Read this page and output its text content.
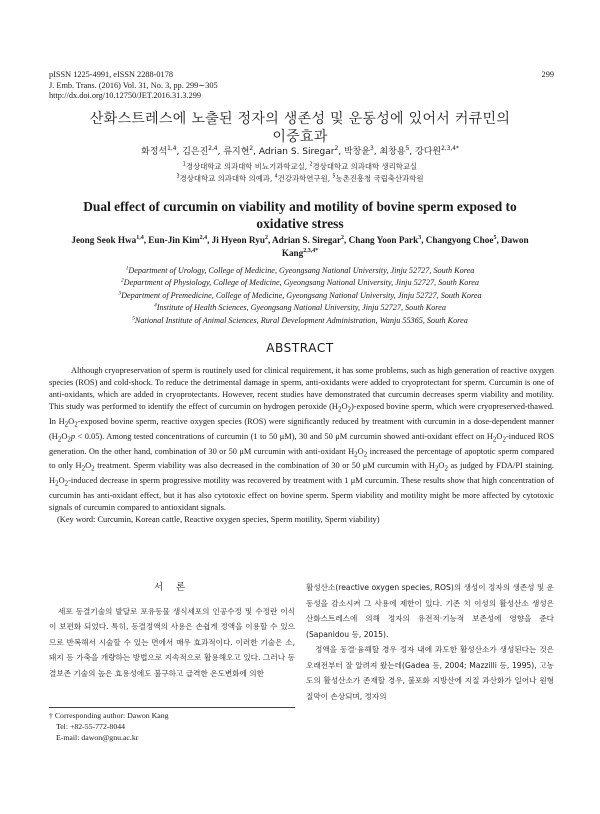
pISSN 1225-4991, eISSN 2288-0178
J. Emb. Trans. (2016) Vol. 31, No. 3, pp. 299∼305
http://dx.doi.org/10.12750/JET.2016.31.3.299
299
산화스트레스에 노출된 정자의 생존성 및 운동성에 있어서 커큐민의
이중효과
화정석$^{1,4}$, 김은진$^{2,4}$, 류지현$^2$, Adrian S. Siregar$^2$, 박창윤$^3$, 최창용$^5$, 강다원$^{2,3,4*}$
$^1$경상대학교 의과대학 비뇨기과학교실, $^2$경상대학교 의과대학 생리학교실
$^3$경상대학교 의과대학 의예과, $^4$건강과학연구원, $^5$농촌진흥청 국립축산과학원
Dual effect of curcumin on viability and motility of bovine sperm exposed to oxidative stress
Jeong Seok Hwa$^{1,4}$, Eun-Jin Kim$^{2,4}$, Ji Hyeon Ryu$^2$, Adrian S. Siregar$^2$, Chang Yoon Park$^3$, Changyong Choe$^5$, Dawon Kang$^{2,3,4*}$
$^1$Department of Urology, College of Medicine, Gyeongsang National University, Jinju 52727, South Korea
$^2$Department of Physiology, College of Medicine, Gyeongsang National University, Jinju 52727, South Korea
$^3$Department of Premedicine, College of Medicine, Gyeongsang National University, Jinju 52727, South Korea
$^4$Institute of Health Sciences, Gyeongsang National University, Jinju 52727, South Korea
$^5$National Institute of Animal Sciences, Rural Development Administration, Wanju 55365, South Korea
ABSTRACT

Although cryopreservation of sperm is routinely used for clinical requirement, it has some problems, such as high generation of reactive oxygen species (ROS) and cold-shock. To reduce the detrimental damage in sperm, anti-oxidants were added to cryoprotectant for sperm. Curcumin is one of anti-oxidants, which are added in cryoprotectants. However, recent studies have demonstrated that curcumin decreases sperm viability and motility. This study was performed to identify the effect of curcumin on hydrogen peroxide $(H_2O_2)$-exposed bovine sperm, which were cryopreserved-thawed. In $H_2O_2$-exposed bovine sperm, reactive oxygen species (ROS) were significantly reduced by treatment with curcumin in a dose-dependent manner $(H_2O_2p < 0.05)$. Among tested concentrations of curcumin (1 to 50 μM), 30 and 50 μM curcumin showed anti-oxidant effect on $H_2O_2$-induced ROS generation. On the other hand, combination of 30 or 50 μM curcumin with anti-oxidant $H_2O_2$ increased the percentage of apoptotic sperm compared to only $H_2O_2$ treatment. Sperm viability was also decreased in the combination of 30 or 50 μM curcumin with $H_2O_2$ as judged by FDA/PI staining. $H_2O_2$-induced decrease in sperm progressive motility was recovered by treatment with 1 μM curcumin. These results show that high concentration of curcumin has anti-oxidant effect, but it has also cytotoxic effect on bovine sperm. Sperm viability and motility might be more affected by cytotoxic signals of curcumin compared to antioxidant signals.

(Key word: Curcumin, Korean cattle, Reactive oxygen species, Sperm motility, Sperm viability)

서 론

세포 동결기술의 발달로 포유동물 생식세포의 인공수정 및 수정란 이식이 보편화 되었다. 특히, 동결정액의 사용은 손쉽게 정액을 이용할 수 있으므로 반복해서 시술할 수 있는 면에서 매우 효과적이다. 이러한 기술은 소, 돼지 등 가축을 개량하는 방법으로 지속적으로 활용해오고 있다. 그러나 동결보존 기술의 높은 효용성에도 불구하고 급격한 온도변화에 의한

활성산소(reactive oxygen species, ROS)의 생성이 정자의 생존성 및 운동성을 감소시켜 그 사용에 제한이 있다. 기존 치 이성의 활성산소 생성은 산화스트레스에 의해 정자의 유전적·기능적 보존성에 영향을 준다(Sapanidou 등, 2015).

정액을 동결·융해할 경우 정자 내에 과도한 활성산소가 생성된다는 것은 오래전부터 잘 알려져 왔는데(Gadea 등, 2004; Mazzilli 등, 1995), 고농도의 활성산소가 존재할 경우, 불포화 지방산에 지질 과산화가 일어나 원형질막이 손상되며, 정자의

† Corresponding author: Dawon Kang
Tel: +82-55-772-8044
E-mail: dawon@gnu.ac.kr
